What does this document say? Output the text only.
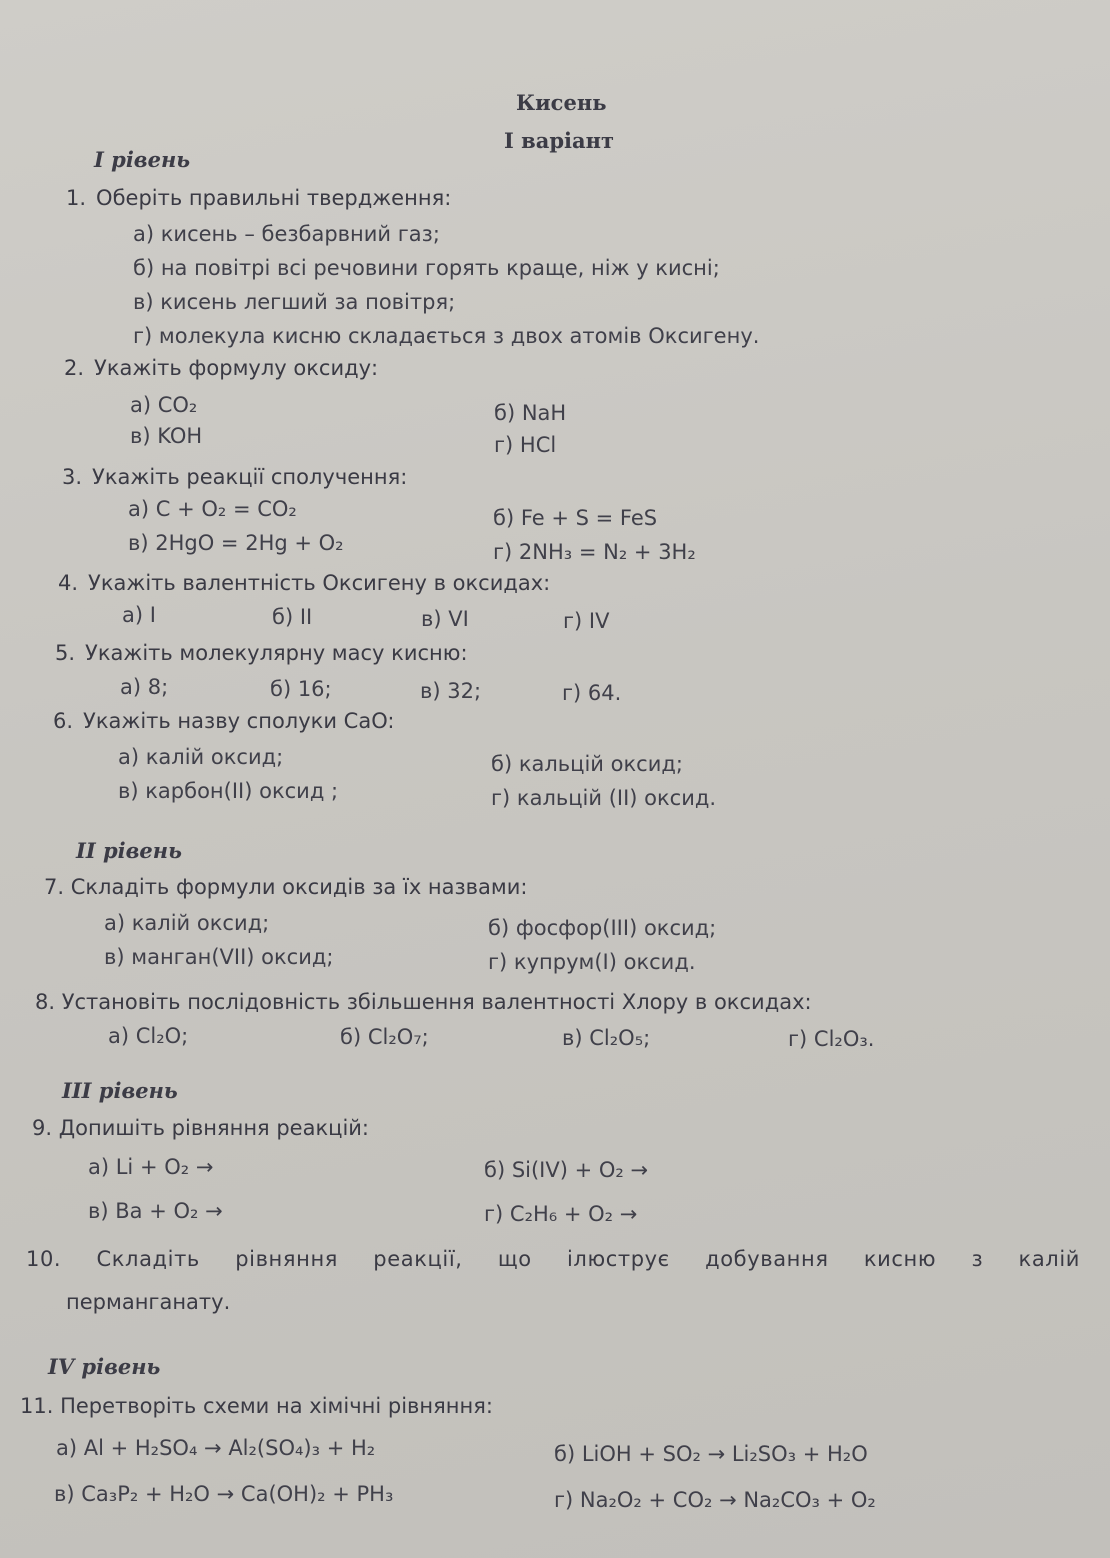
Кисень
І варіант
І рівень
1. Оберіть правильні твердження:
а) кисень – безбарвний газ;
б) на повітрі всі речовини горять краще, ніж у кисні;
в) кисень легший за повітря;
г) молекула кисню складається з двох атомів Оксигену.
2. Укажіть формулу оксиду:
а) CO₂	б) NaH
в) KOH	г) HCl
3. Укажіть реакції сполучення:
а) C + O₂ = CO₂	б) Fe + S = FeS
в) 2HgO = 2Hg + O₂	г) 2NH₃ = N₂ + 3H₂
4. Укажіть валентність Оксигену в оксидах:
а) I	б) II	в) VI	г) IV
5. Укажіть молекулярну масу кисню:
а) 8;	б) 16;	в) 32;	г) 64.
6. Укажіть назву сполуки CaO:
а) калій оксид;	б) кальцій оксид;
в) карбон(II) оксид ;	г) кальцій (II) оксид.
ІІ рівень
7. Складіть формули оксидів за їх назвами:
а) калій оксид;	б) фосфор(III) оксид;
в) манган(VII) оксид;	г) купрум(I) оксид.
8. Установіть послідовність збільшення валентності Хлору в оксидах:
а) Cl₂O;	б) Cl₂O₇;	в) Cl₂O₅;	г) Cl₂O₃.
ІІІ рівень
9. Допишіть рівняння реакцій:
а) Li + O₂ →	б) Si(IV) + O₂ →
в) Ba + O₂ →	г) C₂H₆ + O₂ →
10. Складіть рівняння реакції, що ілюструє добування кисню з калій
перманганату.
IV рівень
11. Перетворіть схеми на хімічні рівняння:
а) Al + H₂SO₄ → Al₂(SO₄)₃ + H₂	б) LiOH + SO₂ → Li₂SO₃ + H₂O
в) Ca₃P₂ + H₂O → Ca(OH)₂ + PH₃	г) Na₂O₂ + CO₂ → Na₂CO₃ + O₂
